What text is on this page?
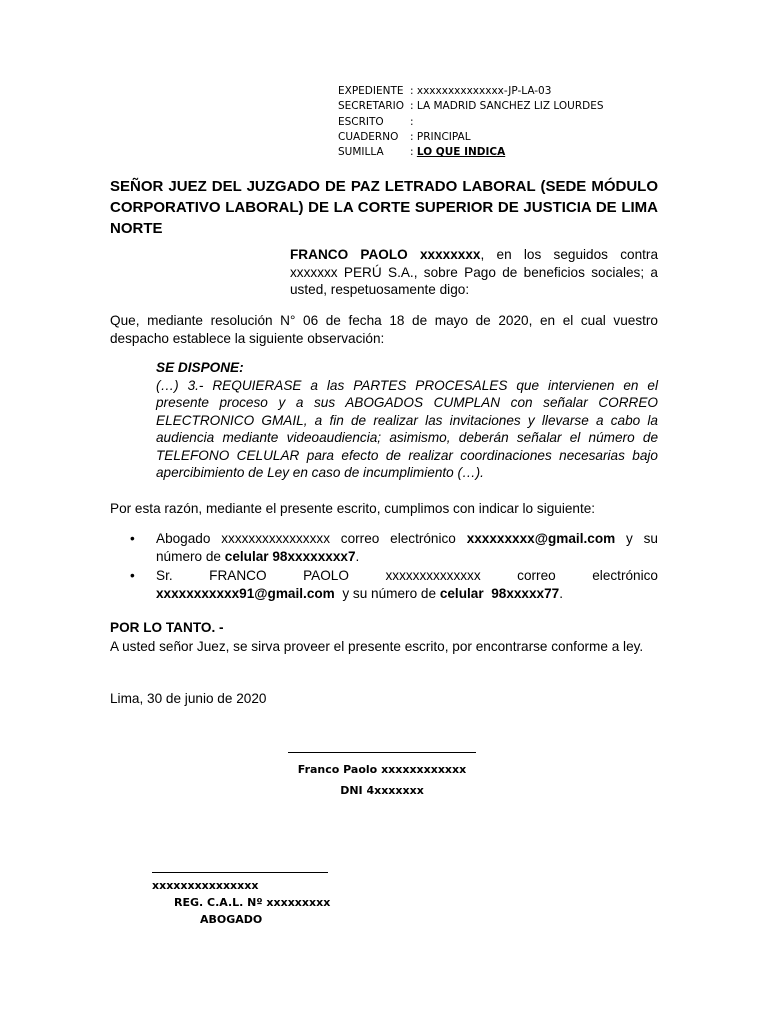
EXPEDIENTE : xxxxxxxxxxxxxx-JP-LA-03
SECRETARIO : LA MADRID SANCHEZ LIZ LOURDES
ESCRITO	:
CUADERNO	: PRINCIPAL
SUMILLA	: LO QUE INDICA
SEÑOR JUEZ DEL JUZGADO DE PAZ LETRADO LABORAL (SEDE MÓDULO CORPORATIVO LABORAL) DE LA CORTE SUPERIOR DE JUSTICIA DE LIMA NORTE
FRANCO PAOLO xxxxxxxx, en los seguidos contra xxxxxxx PERÚ S.A., sobre Pago de beneficios sociales; a usted, respetuosamente digo:
Que, mediante resolución N° 06 de fecha 18 de mayo de 2020, en el cual vuestro despacho establece la siguiente observación:
SE DISPONE:
(…) 3.- REQUIERASE a las PARTES PROCESALES que intervienen en el presente proceso y a sus ABOGADOS CUMPLAN con señalar CORREO ELECTRONICO GMAIL, a fin de realizar las invitaciones y llevarse a cabo la audiencia mediante videoaudiencia; asimismo, deberán señalar el número de TELEFONO CELULAR para efecto de realizar coordinaciones necesarias bajo apercibimiento de Ley en caso de incumplimiento (…).
Por esta razón, mediante el presente escrito, cumplimos con indicar lo siguiente:
•	Abogado xxxxxxxxxxxxxxxx correo electrónico xxxxxxxxx@gmail.com y su número de celular 98xxxxxxxx7.
•	Sr. FRANCO PAOLO xxxxxxxxxxxxxx correo electrónico xxxxxxxxxxx91@gmail.com  y su número de celular  98xxxxx77.
POR LO TANTO. -
A usted señor Juez, se sirva proveer el presente escrito, por encontrarse conforme a ley.
Lima, 30 de junio de 2020
Franco Paolo xxxxxxxxxxxx
DNI 4xxxxxxx
xxxxxxxxxxxxxxx
REG. C.A.L. Nº xxxxxxxxx
ABOGADO
